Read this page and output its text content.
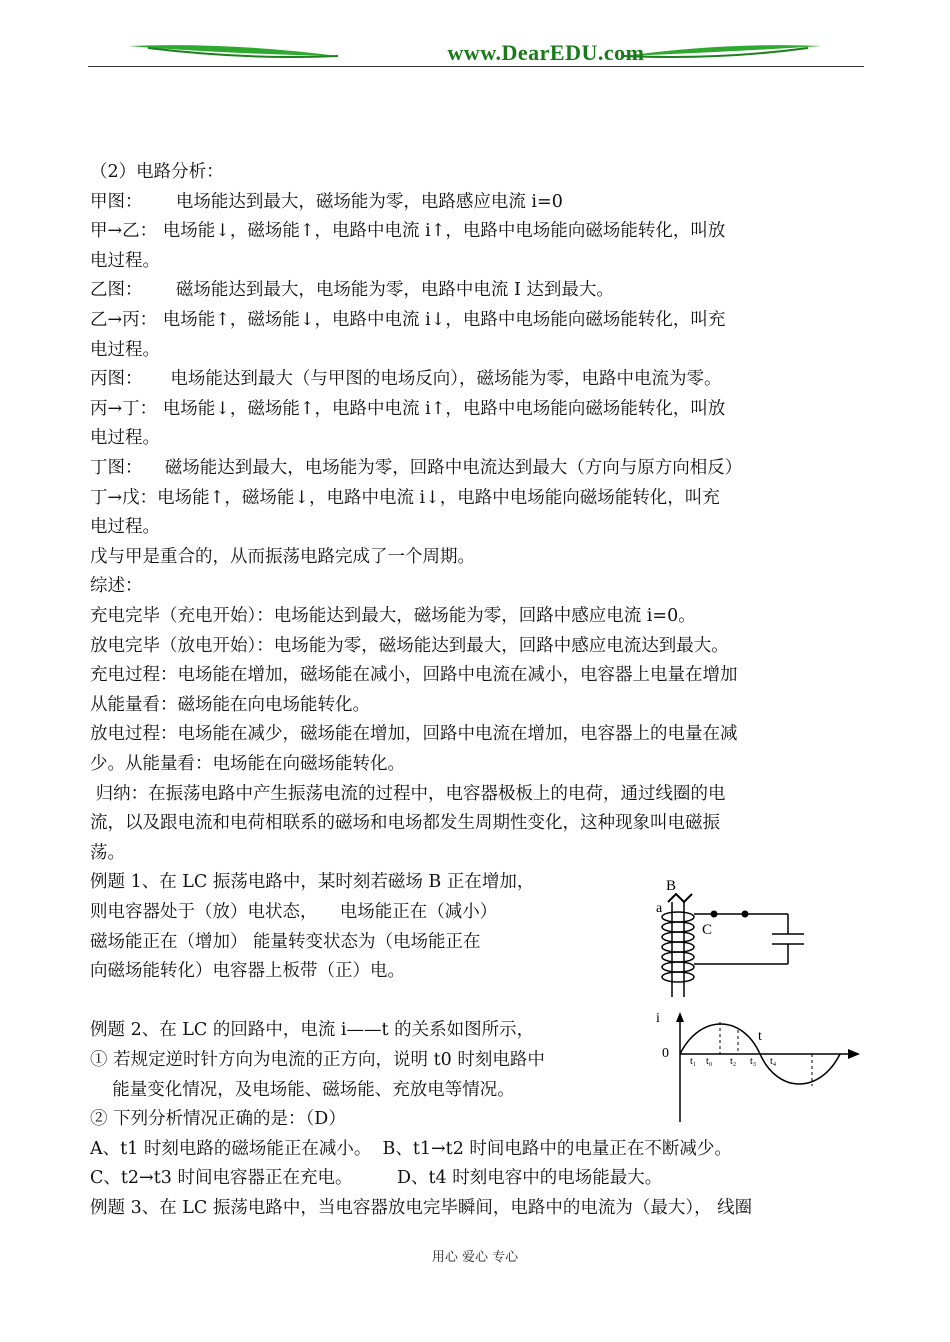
www.DearEDU.com
（2）电路分析：
甲图：      电场能达到最大，磁场能为零，电路感应电流 i=0
甲→乙： 电场能↓，磁场能↑，电路中电流 i↑，电路中电场能向磁场能转化，叫放
电过程。
乙图：      磁场能达到最大，电场能为零，电路中电流 I 达到最大。
乙→丙： 电场能↑，磁场能↓，电路中电流 i↓，电路中电场能向磁场能转化，叫充
电过程。
丙图：     电场能达到最大（与甲图的电场反向），磁场能为零，电路中电流为零。
丙→丁： 电场能↓，磁场能↑，电路中电流 i↑，电路中电场能向磁场能转化，叫放
电过程。
丁图：    磁场能达到最大，电场能为零，回路中电流达到最大（方向与原方向相反）
丁→戊：电场能↑，磁场能↓，电路中电流 i↓，电路中电场能向磁场能转化，叫充
电过程。
戊与甲是重合的，从而振荡电路完成了一个周期。
综述：
充电完毕（充电开始）：电场能达到最大，磁场能为零，回路中感应电流 i=0。
放电完毕（放电开始）：电场能为零，磁场能达到最大，回路中感应电流达到最大。
充电过程：电场能在增加，磁场能在减小，回路中电流在减小，电容器上电量在增加
从能量看：磁场能在向电场能转化。
放电过程：电场能在减少，磁场能在增加，回路中电流在增加，电容器上的电量在减
少。从能量看：电场能在向磁场能转化。
归纳：在振荡电路中产生振荡电流的过程中，电容器极板上的电荷，通过线圈的电
流，以及跟电流和电荷相联系的磁场和电场都发生周期性变化，这种现象叫电磁振
荡。
例题 1、在 LC 振荡电路中，某时刻若磁场 B 正在增加，
则电容器处于（放）电状态，    电场能正在（减小）
磁场能正在（增加） 能量转变状态为（电场能正在
向磁场能转化）电容器上板带（正）电。
例题 2、在 LC 的回路中，电流 i——t 的关系如图所示，
① 若规定逆时针方向为电流的正方向，说明 t0 时刻电路中
能量变化情况，及电场能、磁场能、充放电等情况。
② 下列分析情况正确的是：（D）
A、t1 时刻电路的磁场能正在减小。  B、t1→t2 时间电路中的电量正在不断减少。
C、t2→t3 时间电容器正在充电。        D、t4 时刻电容中的电场能最大。
例题 3、在 LC 振荡电路中，当电容器放电完毕瞬间，电路中的电流为（最大）， 线圈
B
a
C
i
t
0
t₁ t₀ t₂ t₃ t₄
用心 爱心 专心
